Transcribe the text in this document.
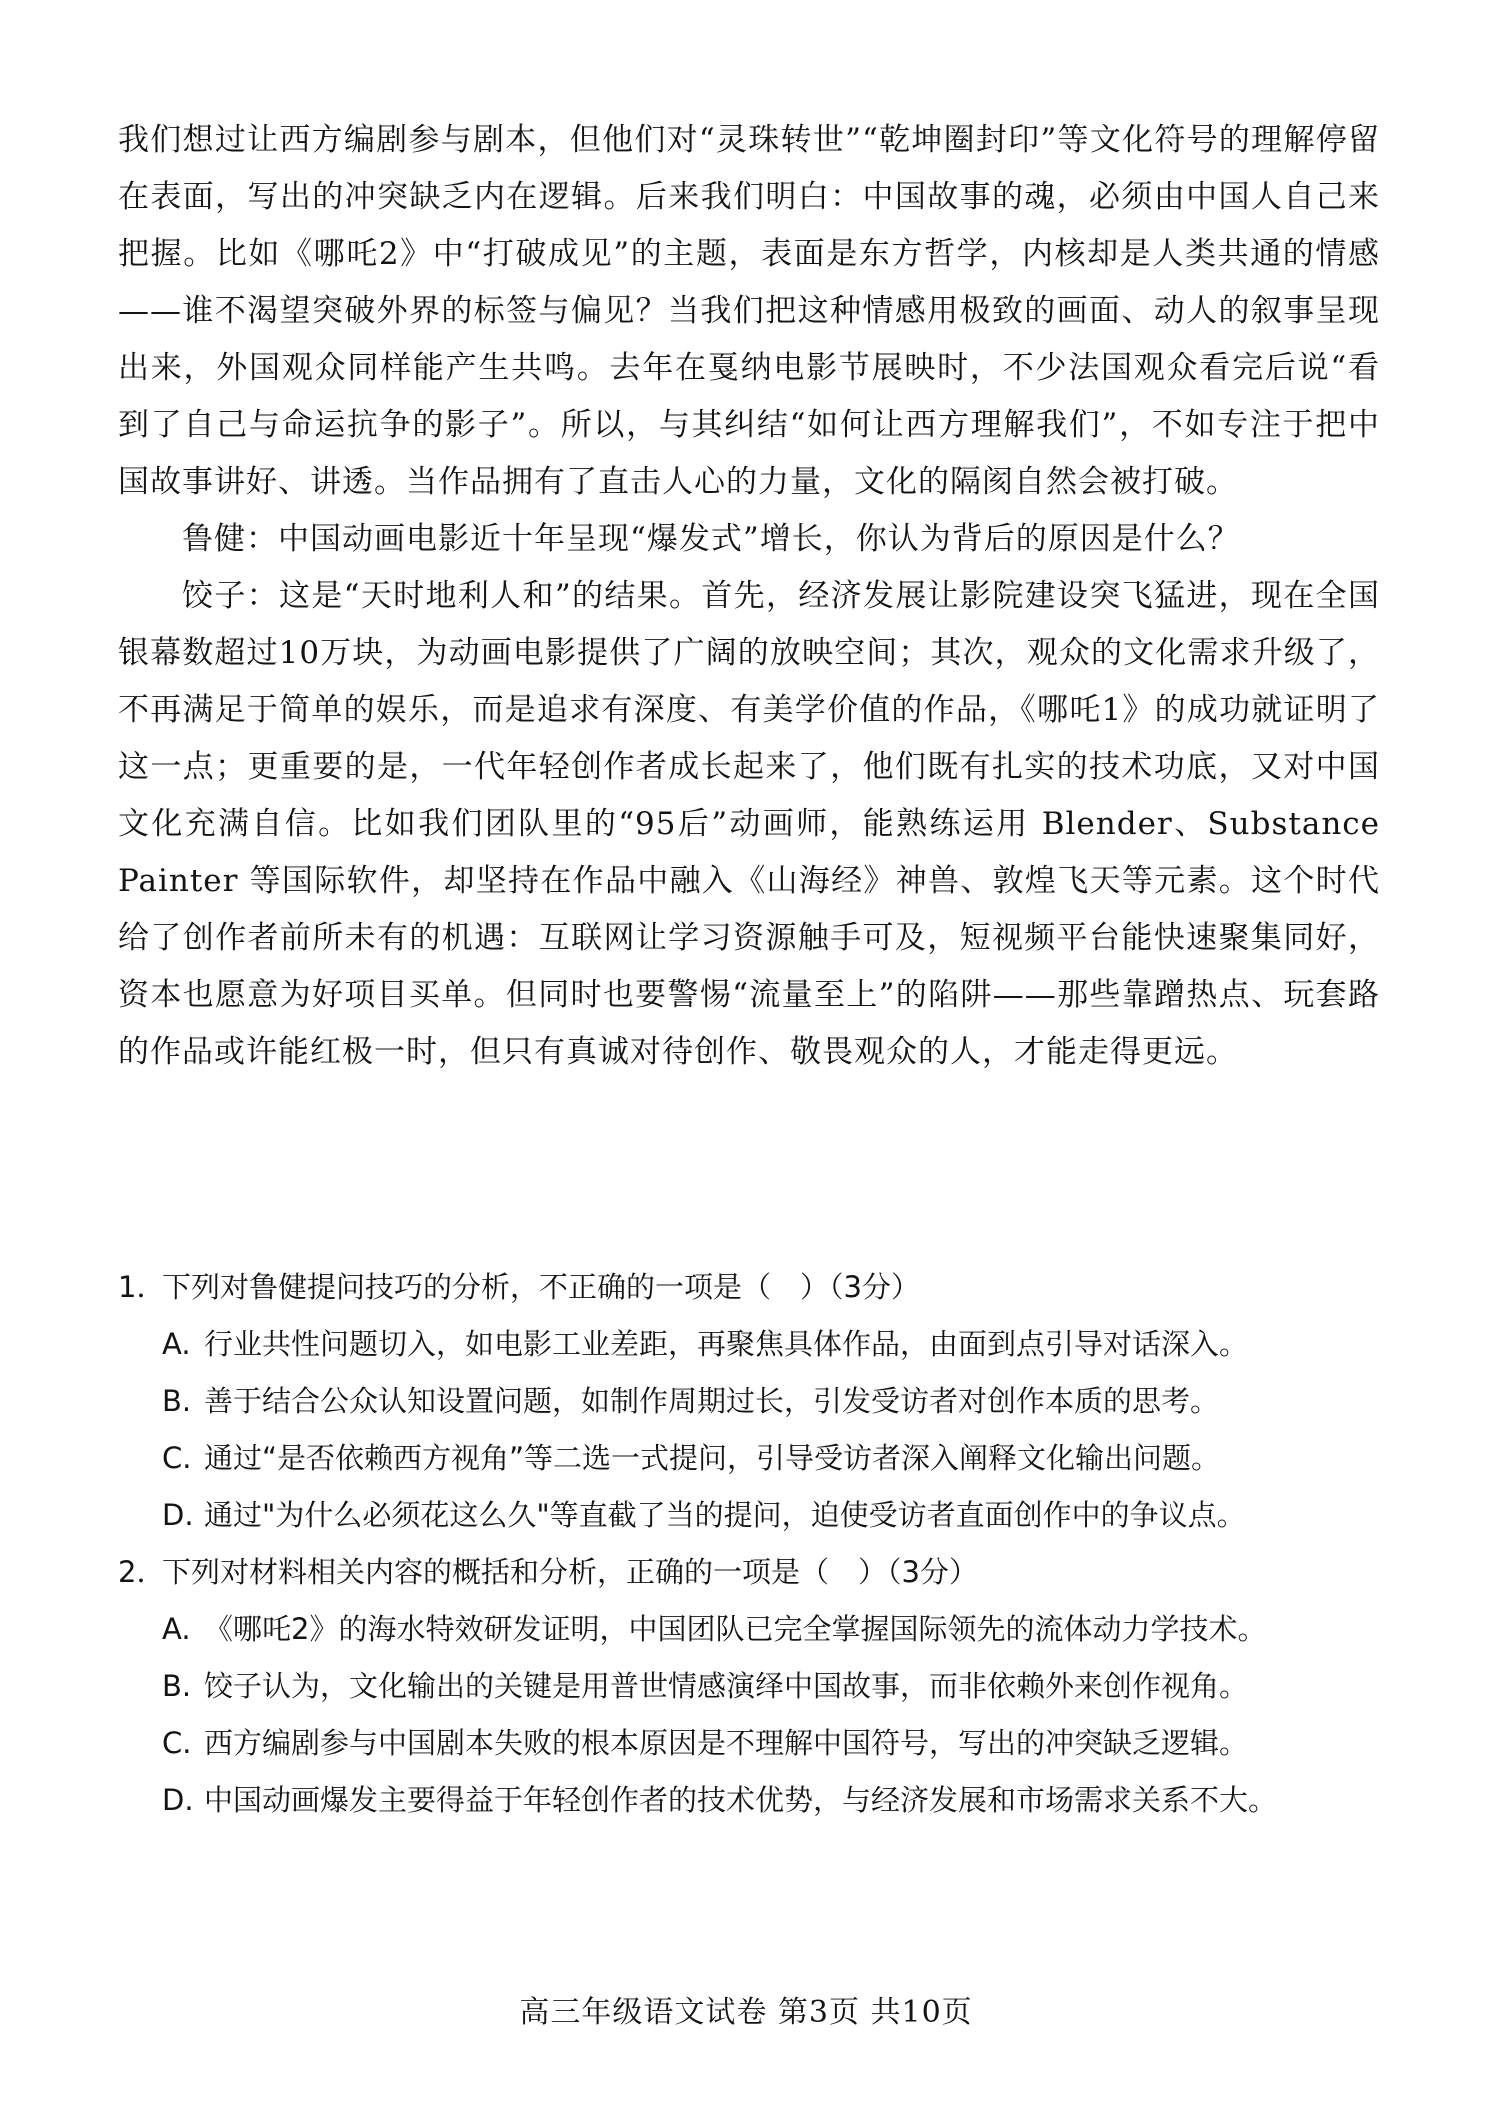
我们想过让西方编剧参与剧本，但他们对“灵珠转世”“乾坤圈封印”等文化符号的理解停留在表面，写出的冲突缺乏内在逻辑。后来我们明白：中国故事的魂，必须由中国人自己来把握。比如《哪吒2》中“打破成见”的主题，表面是东方哲学，内核却是人类共通的情感——谁不渴望突破外界的标签与偏见？当我们把这种情感用极致的画面、动人的叙事呈现出来，外国观众同样能产生共鸣。去年在戛纳电影节展映时，不少法国观众看完后说“看到了自己与命运抗争的影子”。所以，与其纠结“如何让西方理解我们”，不如专注于把中国故事讲好、讲透。当作品拥有了直击人心的力量，文化的隔阂自然会被打破。

鲁健：中国动画电影近十年呈现“爆发式”增长，你认为背后的原因是什么？

饺子：这是“天时地利人和”的结果。首先，经济发展让影院建设突飞猛进，现在全国银幕数超过10万块，为动画电影提供了广阔的放映空间；其次，观众的文化需求升级了，不再满足于简单的娱乐，而是追求有深度、有美学价值的作品，《哪吒1》的成功就证明了这一点；更重要的是，一代年轻创作者成长起来了，他们既有扎实的技术功底，又对中国文化充满自信。比如我们团队里的“95后”动画师，能熟练运用 Blender、Substance Painter 等国际软件，却坚持在作品中融入《山海经》神兽、敦煌飞天等元素。这个时代给了创作者前所未有的机遇：互联网让学习资源触手可及，短视频平台能快速聚集同好，资本也愿意为好项目买单。但同时也要警惕“流量至上”的陷阱——那些靠蹭热点、玩套路的作品或许能红极一时，但只有真诚对待创作、敬畏观众的人，才能走得更远。

1．
下列对鲁健提问技巧的分析，不正确的一项是（　）（3分）
A. 行业共性问题切入，如电影工业差距，再聚焦具体作品，由面到点引导对话深入。
B. 善于结合公众认知设置问题，如制作周期过长，引发受访者对创作本质的思考。
C. 通过“是否依赖西方视角”等二选一式提问，引导受访者深入阐释文化输出问题。
D. 通过"为什么必须花这么久"等直截了当的提问，迫使受访者直面创作中的争议点。
2．
下列对材料相关内容的概括和分析，正确的一项是（　）（3分）
A. 《哪吒2》的海水特效研发证明，中国团队已完全掌握国际领先的流体动力学技术。
B. 饺子认为，文化输出的关键是用普世情感演绎中国故事，而非依赖外来创作视角。
C. 西方编剧参与中国剧本失败的根本原因是不理解中国符号，写出的冲突缺乏逻辑。
D. 中国动画爆发主要得益于年轻创作者的技术优势，与经济发展和市场需求关系不大。
高三年级语文试卷 第3页 共10页
